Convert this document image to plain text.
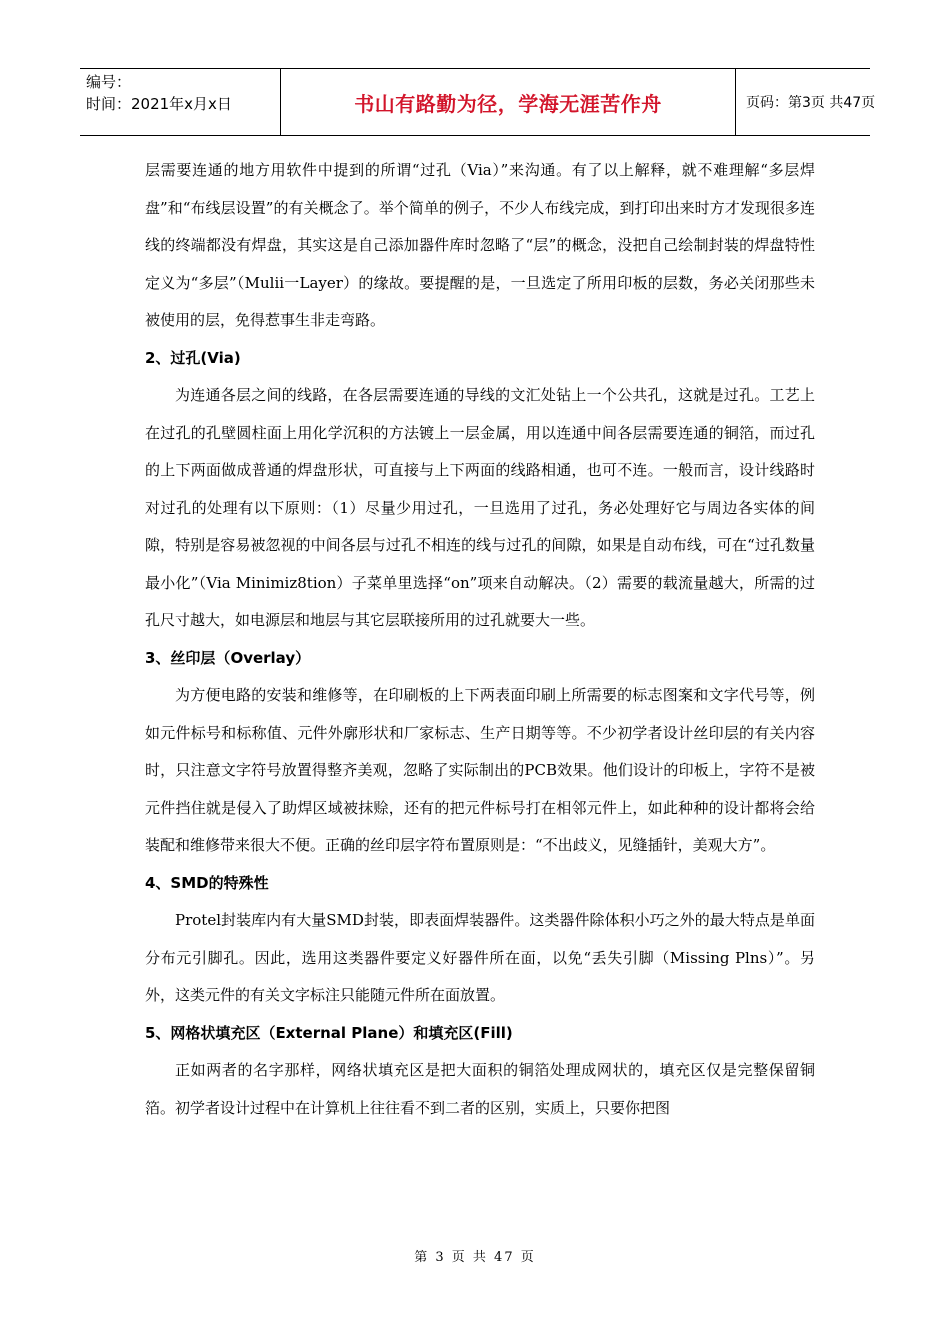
编号：
时间：2021年x月x日	书山有路勤为径，学海无涯苦作舟	页码：第3页 共47页

层需要连通的地方用软件中提到的所谓“过孔（Via）”来沟通。有了以上解释，就不难理解“多层焊盘”和“布线层设置”的有关概念了。举个简单的例子，不少人布线完成，到打印出来时方才发现很多连线的终端都没有焊盘，其实这是自己添加器件库时忽略了“层”的概念，没把自己绘制封装的焊盘特性定义为“多层”（Mulii一Layer）的缘故。要提醒的是，一旦选定了所用印板的层数，务必关闭那些未被使用的层，免得惹事生非走弯路。

2、过孔(Via)

为连通各层之间的线路，在各层需要连通的导线的文汇处钻上一个公共孔，这就是过孔。工艺上在过孔的孔壁圆柱面上用化学沉积的方法镀上一层金属，用以连通中间各层需要连通的铜箔，而过孔的上下两面做成普通的焊盘形状，可直接与上下两面的线路相通，也可不连。一般而言，设计线路时对过孔的处理有以下原则：（1）尽量少用过孔，一旦选用了过孔，务必处理好它与周边各实体的间隙，特别是容易被忽视的中间各层与过孔不相连的线与过孔的间隙，如果是自动布线，可在“过孔数量最小化”（Via Minimiz8tion）子菜单里选择“on”项来自动解决。（2）需要的载流量越大，所需的过孔尺寸越大，如电源层和地层与其它层联接所用的过孔就要大一些。

3、丝印层（Overlay）

为方便电路的安装和维修等，在印刷板的上下两表面印刷上所需要的标志图案和文字代号等，例如元件标号和标称值、元件外廓形状和厂家标志、生产日期等等。不少初学者设计丝印层的有关内容时，只注意文字符号放置得整齐美观，忽略了实际制出的PCB效果。他们设计的印板上，字符不是被元件挡住就是侵入了助焊区域被抹赊，还有的把元件标号打在相邻元件上，如此种种的设计都将会给装配和维修带来很大不便。正确的丝印层字符布置原则是：“不出歧义，见缝插针，美观大方”。

4、SMD的特殊性

Protel封装库内有大量SMD封装，即表面焊装器件。这类器件除体积小巧之外的最大特点是单面分布元引脚孔。因此，选用这类器件要定义好器件所在面，以免“丢失引脚（Missing Plns）”。另外，这类元件的有关文字标注只能随元件所在面放置。

5、网格状填充区（External Plane）和填充区(Fill)

正如两者的名字那样，网络状填充区是把大面积的铜箔处理成网状的，填充区仅是完整保留铜箔。初学者设计过程中在计算机上往往看不到二者的区别，实质上，只要你把图

第 3 页 共 47 页
